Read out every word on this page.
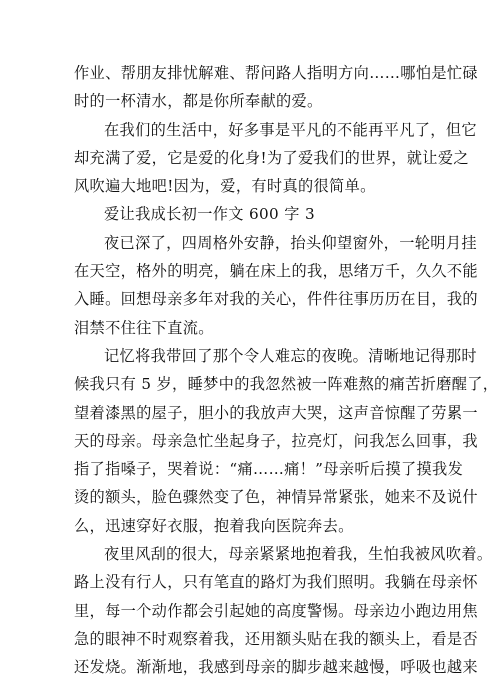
作业、帮朋友排忧解难、帮问路人指明方向……哪怕是忙碌
时的一杯清水，都是你所奉献的爱。
在我们的生活中，好多事是平凡的不能再平凡了，但它
却充满了爱，它是爱的化身!为了爱我们的世界，就让爱之
风吹遍大地吧!因为，爱，有时真的很简单。
爱让我成长初一作文 600 字 3
夜已深了，四周格外安静，抬头仰望窗外，一轮明月挂
在天空，格外的明亮，躺在床上的我，思绪万千，久久不能
入睡。回想母亲多年对我的关心，件件往事历历在目，我的
泪禁不住往下直流。
记忆将我带回了那个令人难忘的夜晚。清晰地记得那时
候我只有 5 岁，睡梦中的我忽然被一阵难熬的痛苦折磨醒了，
望着漆黑的屋子，胆小的我放声大哭，这声音惊醒了劳累一
天的母亲。母亲急忙坐起身子，拉亮灯，问我怎么回事，我
指了指嗓子，哭着说：“痛……痛！”母亲听后摸了摸我发
烫的额头，脸色骤然变了色，神情异常紧张，她来不及说什
么，迅速穿好衣服，抱着我向医院奔去。
夜里风刮的很大，母亲紧紧地抱着我，生怕我被风吹着。
路上没有行人，只有笔直的路灯为我们照明。我躺在母亲怀
里，每一个动作都会引起她的高度警惕。母亲边小跑边用焦
急的眼神不时观察着我，还用额头贴在我的额头上，看是否
还发烧。渐渐地，我感到母亲的脚步越来越慢，呼吸也越来
